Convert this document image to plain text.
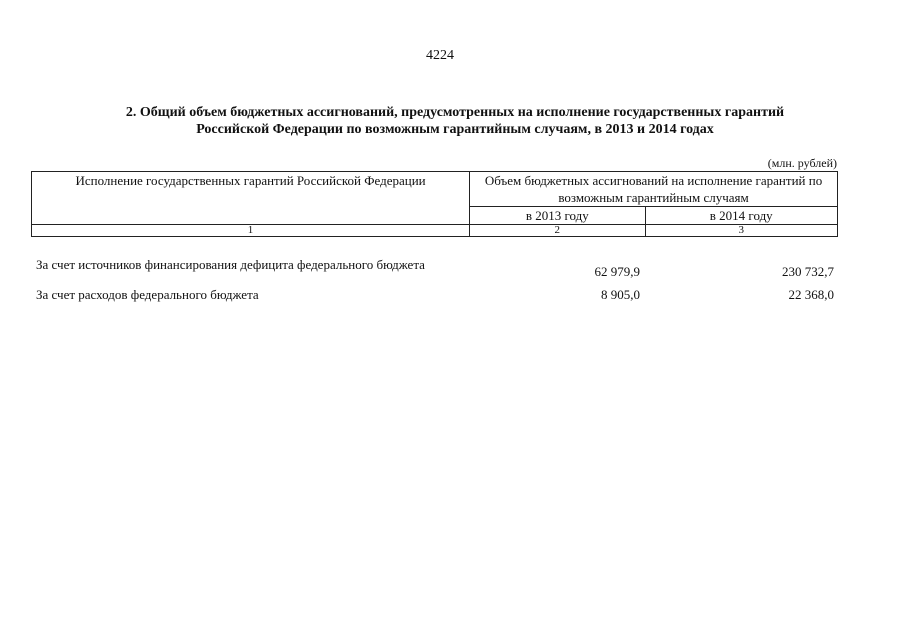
4224
2. Общий объем бюджетных ассигнований, предусмотренных на исполнение государственных гарантий
Российской Федерации по возможным гарантийным случаям, в 2013 и 2014 годах
(млн. рублей)
Исполнение государственных гарантий Российской Федерации	Объем бюджетных ассигнований на исполнение гарантий по возможным гарантийным случаям	
	в 2013 году	в 2014 году
1	2	3
За счет источников финансирования дефицита федерального бюджета	62 979,9	230 732,7
За счет расходов федерального бюджета	8 905,0	22 368,0
